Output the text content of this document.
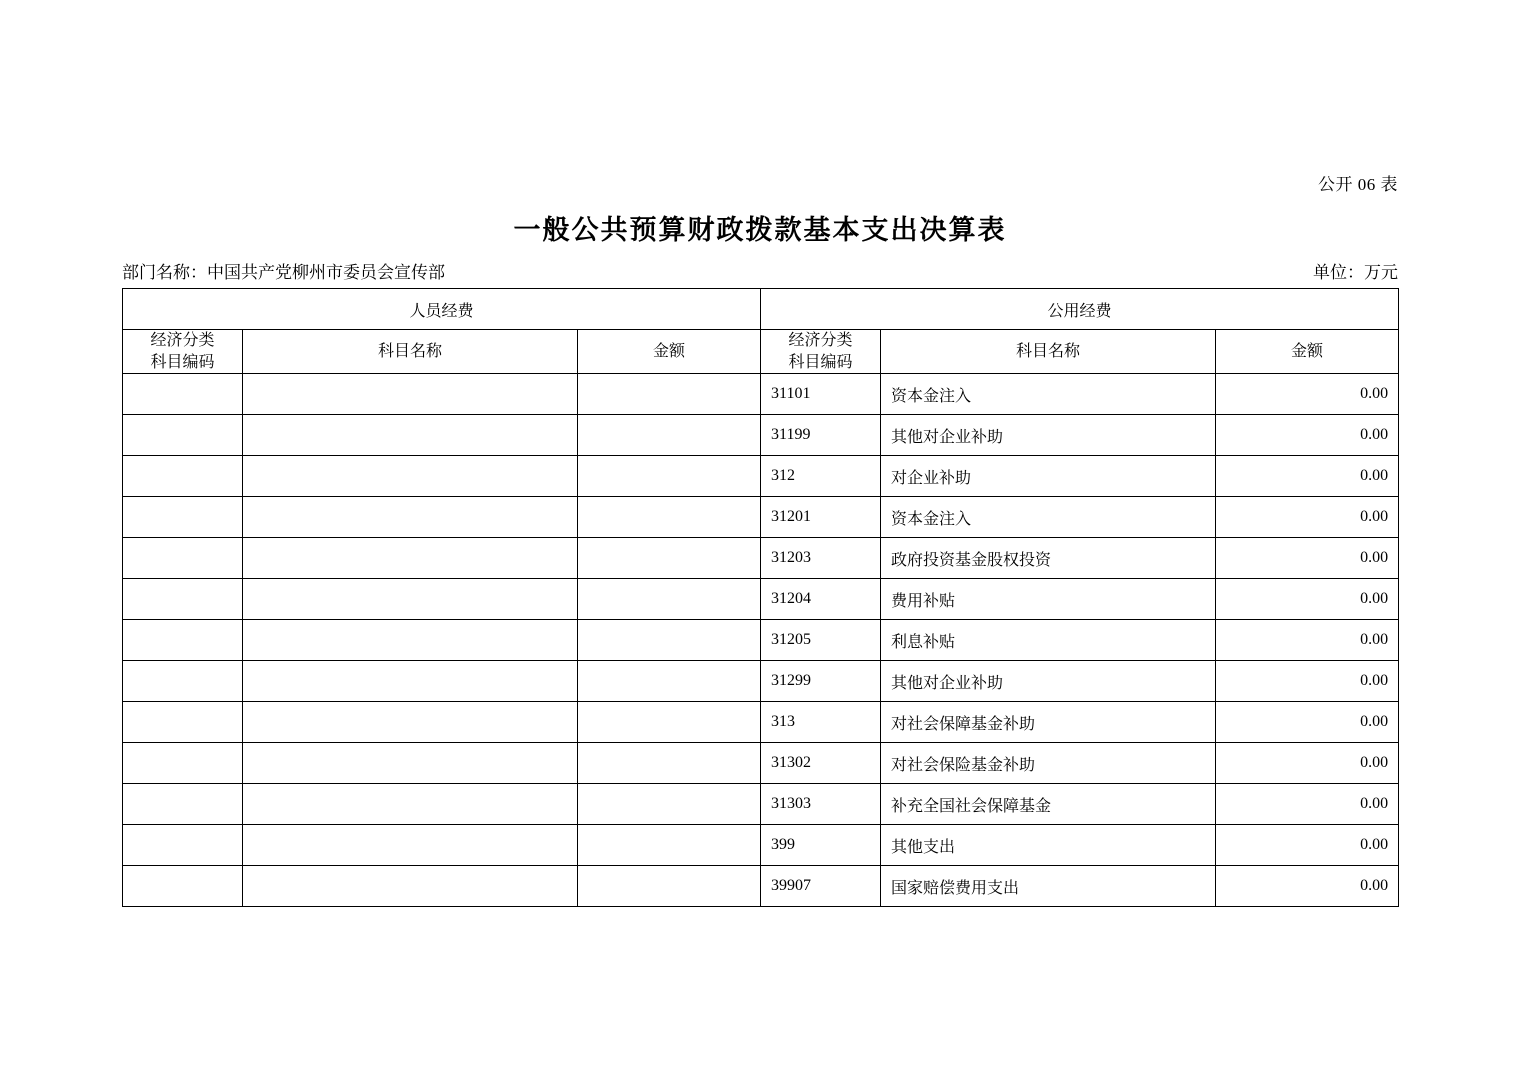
公开 06 表
一般公共预算财政拨款基本支出决算表
部门名称：中国共产党柳州市委员会宣传部	单位：万元
人员经费			公用经费		

经济分类
科目编码
	科目名称	金额	
经济分类
科目编码
	科目名称	金额
			31101	资本金注入	0.00
			31199	其他对企业补助	0.00
			312	对企业补助	0.00
			31201	资本金注入	0.00
			31203	政府投资基金股权投资	0.00
			31204	费用补贴	0.00
			31205	利息补贴	0.00
			31299	其他对企业补助	0.00
			313	对社会保障基金补助	0.00
			31302	对社会保险基金补助	0.00
			31303	补充全国社会保障基金	0.00
			399	其他支出	0.00
			39907	国家赔偿费用支出	0.00
